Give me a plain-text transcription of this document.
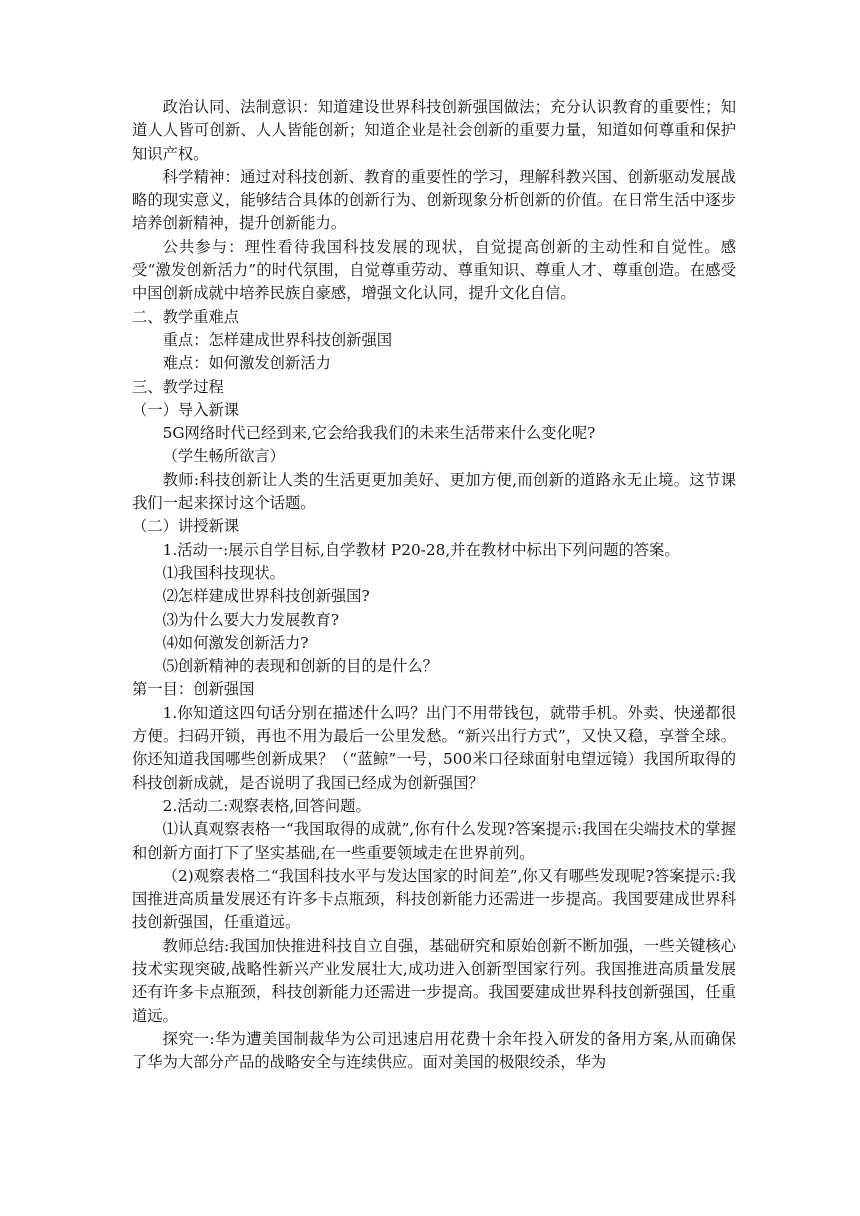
政治认同、法制意识：知道建设世界科技创新强国做法；充分认识教育的重要性；知道人人皆可创新、人人皆能创新；知道企业是社会创新的重要力量，知道如何尊重和保护知识产权。

科学精神：通过对科技创新、教育的重要性的学习，理解科教兴国、创新驱动发展战略的现实意义，能够结合具体的创新行为、创新现象分析创新的价值。在日常生活中逐步培养创新精神，提升创新能力。

公共参与：理性看待我国科技发展的现状，自觉提高创新的主动性和自觉性。感受“激发创新活力”的时代氛围，自觉尊重劳动、尊重知识、尊重人才、尊重创造。在感受中国创新成就中培养民族自豪感，增强文化认同，提升文化自信。

二、教学重难点

重点：怎样建成世界科技创新强国

难点：如何激发创新活力

三、教学过程

（一）导入新课

5G网络时代已经到来,它会给我我们的未来生活带来什么变化呢?

（学生畅所欲言）

教师:科技创新让人类的生活更更加美好、更加方便,而创新的道路永无止境。这节课我们一起来探讨这个话题。

（二）讲授新课

1.活动一:展示自学目标,自学教材 P20-28,并在教材中标出下列问题的答案。

⑴我国科技现状。

⑵怎样建成世界科技创新强国?

⑶为什么要大力发展教育?

⑷如何激发创新活力?

⑸创新精神的表现和创新的目的是什么？

第一目：创新强国

1.你知道这四句话分别在描述什么吗？出门不用带钱包，就带手机。外卖、快递都很方便。扫码开锁，再也不用为最后一公里发愁。“新兴出行方式”，又快又稳，享誉全球。你还知道我国哪些创新成果？（“蓝鲸”一号，500米口径球面射电望远镜）我国所取得的科技创新成就，是否说明了我国已经成为创新强国？

2.活动二:观察表格,回答问题。

⑴认真观察表格一“我国取得的成就”,你有什么发现?答案提示:我国在尖端技术的掌握和创新方面打下了坚实基础,在一些重要领域走在世界前列。

（2)观察表格二“我国科技水平与发达国家的时间差”,你又有哪些发现呢?答案提示:我国推进高质量发展还有许多卡点瓶颈，科技创新能力还需进一步提高。我国要建成世界科技创新强国，任重道远。

教师总结:我国加快推进科技自立自强，基础研究和原始创新不断加强，一些关键核心技术实现突破,战略性新兴产业发展壮大,成功进入创新型国家行列。我国推进高质量发展还有许多卡点瓶颈，科技创新能力还需进一步提高。我国要建成世界科技创新强国，任重道远。

探究一:华为遭美国制裁华为公司迅速启用花费十余年投入研发的备用方案,从而确保了华为大部分产品的战略安全与连续供应。面对美国的极限绞杀，华为
